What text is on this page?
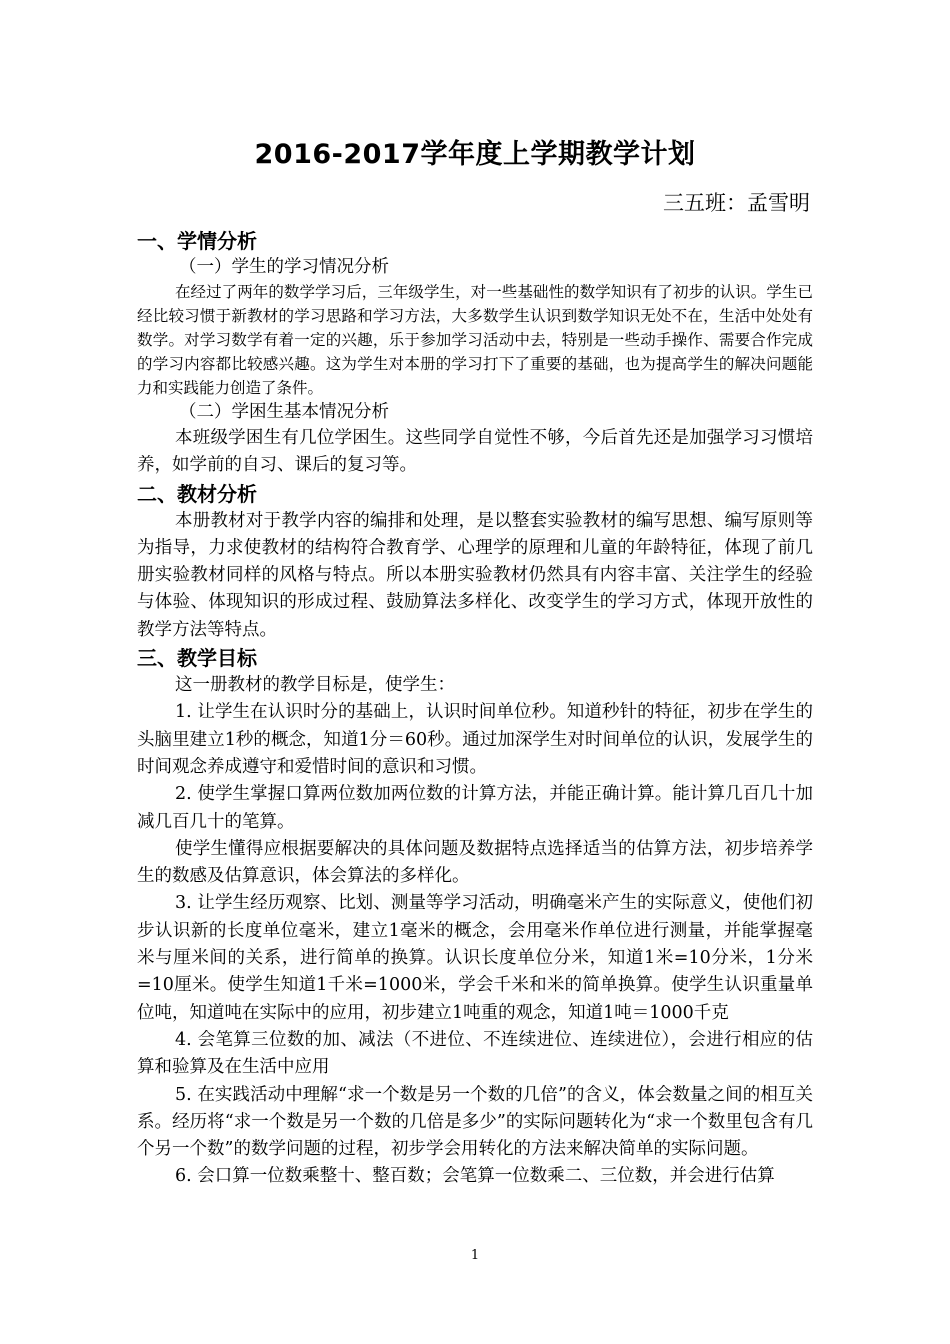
2016-2017学年度上学期教学计划
三五班：孟雪明
一、学情分析
（一）学生的学习情况分析

在经过了两年的数学学习后，三年级学生，对一些基础性的数学知识有了初步的认识。学生已经比较习惯于新教材的学习思路和学习方法，大多数学生认识到数学知识无处不在，生活中处处有数学。对学习数学有着一定的兴趣，乐于参加学习活动中去，特别是一些动手操作、需要合作完成的学习内容都比较感兴趣。这为学生对本册的学习打下了重要的基础，也为提高学生的解决问题能力和实践能力创造了条件。

（二）学困生基本情况分析

本班级学困生有几位学困生。这些同学自觉性不够，今后首先还是加强学习习惯培养，如学前的自习、课后的复习等。

二、教材分析

本册教材对于教学内容的编排和处理，是以整套实验教材的编写思想、编写原则等为指导，力求使教材的结构符合教育学、心理学的原理和儿童的年龄特征，体现了前几册实验教材同样的风格与特点。所以本册实验教材仍然具有内容丰富、关注学生的经验与体验、体现知识的形成过程、鼓励算法多样化、改变学生的学习方式，体现开放性的教学方法等特点。

三、教学目标

这一册教材的教学目标是，使学生：

1. 让学生在认识时分的基础上，认识时间单位秒。知道秒针的特征，初步在学生的头脑里建立1秒的概念，知道1分＝60秒。通过加深学生对时间单位的认识，发展学生的时间观念养成遵守和爱惜时间的意识和习惯。

2. 使学生掌握口算两位数加两位数的计算方法，并能正确计算。能计算几百几十加减几百几十的笔算。

使学生懂得应根据要解决的具体问题及数据特点选择适当的估算方法，初步培养学生的数感及估算意识，体会算法的多样化。

3. 让学生经历观察、比划、测量等学习活动，明确毫米产生的实际意义，使他们初步认识新的长度单位毫米，建立1毫米的概念，会用毫米作单位进行测量，并能掌握毫米与厘米间的关系，进行简单的换算。认识长度单位分米，知道1米=10分米，1分米=10厘米。使学生知道1千米=1000米，学会千米和米的简单换算。使学生认识重量单位吨，知道吨在实际中的应用，初步建立1吨重的观念，知道1吨＝1000千克

4. 会笔算三位数的加、减法（不进位、不连续进位、连续进位），会进行相应的估算和验算及在生活中应用

5. 在实践活动中理解“求一个数是另一个数的几倍”的含义，体会数量之间的相互关系。经历将“求一个数是另一个数的几倍是多少”的实际问题转化为“求一个数里包含有几个另一个数”的数学问题的过程，初步学会用转化的方法来解决简单的实际问题。

6. 会口算一位数乘整十、整百数；会笔算一位数乘二、三位数，并会进行估算

1
